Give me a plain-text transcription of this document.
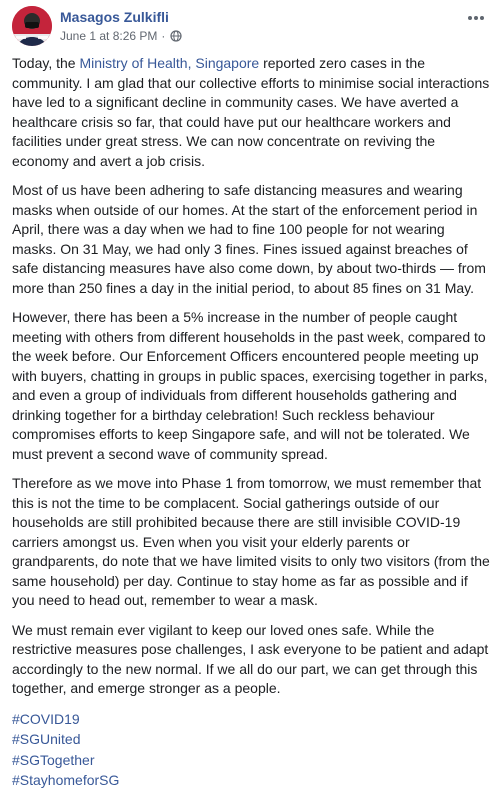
Masagos Zulkifli
June 1 at 8:26 PM ·

Today, the Ministry of Health, Singapore reported zero cases in the community. I am glad that our collective efforts to minimise social interactions have led to a significant decline in community cases. We have averted a healthcare crisis so far, that could have put our healthcare workers and facilities under great stress. We can now concentrate on reviving the economy and avert a job crisis.

Most of us have been adhering to safe distancing measures and wearing masks when outside of our homes. At the start of the enforcement period in April, there was a day when we had to fine 100 people for not wearing masks. On 31 May, we had only 3 fines. Fines issued against breaches of safe distancing measures have also come down, by about two-thirds — from more than 250 fines a day in the initial period, to about 85 fines on 31 May.

However, there has been a 5% increase in the number of people caught meeting with others from different households in the past week, compared to the week before. Our Enforcement Officers encountered people meeting up with buyers, chatting in groups in public spaces, exercising together in parks, and even a group of individuals from different households gathering and drinking together for a birthday celebration! Such reckless behaviour compromises efforts to keep Singapore safe, and will not be tolerated. We must prevent a second wave of community spread.

Therefore as we move into Phase 1 from tomorrow, we must remember that this is not the time to be complacent. Social gatherings outside of our households are still prohibited because there are still invisible COVID-19 carriers amongst us. Even when you visit your elderly parents or grandparents, do note that we have limited visits to only two visitors (from the same household) per day. Continue to stay home as far as possible and if you need to head out, remember to wear a mask.

We must remain ever vigilant to keep our loved ones safe. While the restrictive measures pose challenges, I ask everyone to be patient and adapt accordingly to the new normal. If we all do our part, we can get through this together, and emerge stronger as a people.

#COVID19
#SGUnited
#SGTogether
#StayhomeforSG
